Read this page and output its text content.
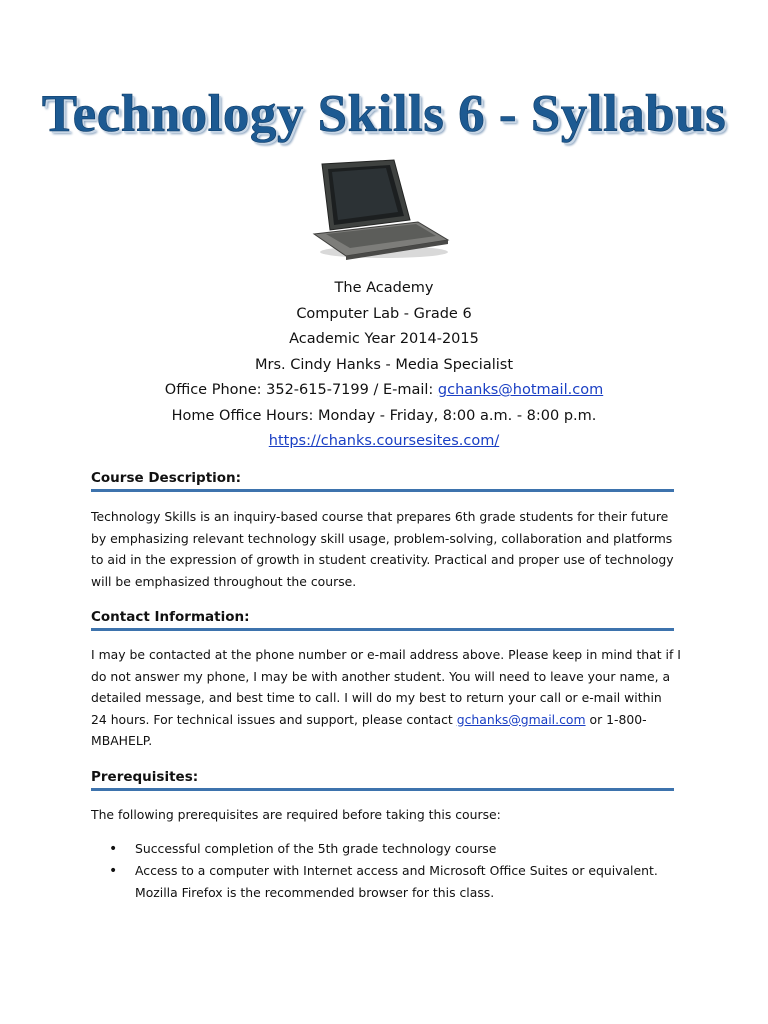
Technology Skills 6 - Syllabus
The Academy
Computer Lab - Grade 6
Academic Year 2014-2015
Mrs. Cindy Hanks - Media Specialist
Office Phone: 352-615-7199 / E-mail: gchanks@hotmail.com
Home Office Hours: Monday - Friday, 8:00 a.m. - 8:00 p.m.
https://chanks.coursesites.com/
Course Description:
Technology Skills is an inquiry-based course that prepares 6th grade students for their future by emphasizing relevant technology skill usage, problem-solving, collaboration and platforms to aid in the expression of growth in student creativity. Practical and proper use of technology will be emphasized throughout the course.
Contact Information:
I may be contacted at the phone number or e-mail address above. Please keep in mind that if I do not answer my phone, I may be with another student. You will need to leave your name, a detailed message, and best time to call. I will do my best to return your call or e-mail within 24 hours. For technical issues and support, please contact gchanks@gmail.com or 1-800-MBAHELP.
Prerequisites:
The following prerequisites are required before taking this course:
• Successful completion of the 5th grade technology course
• Access to a computer with Internet access and Microsoft Office Suites or equivalent. Mozilla Firefox is the recommended browser for this class.
